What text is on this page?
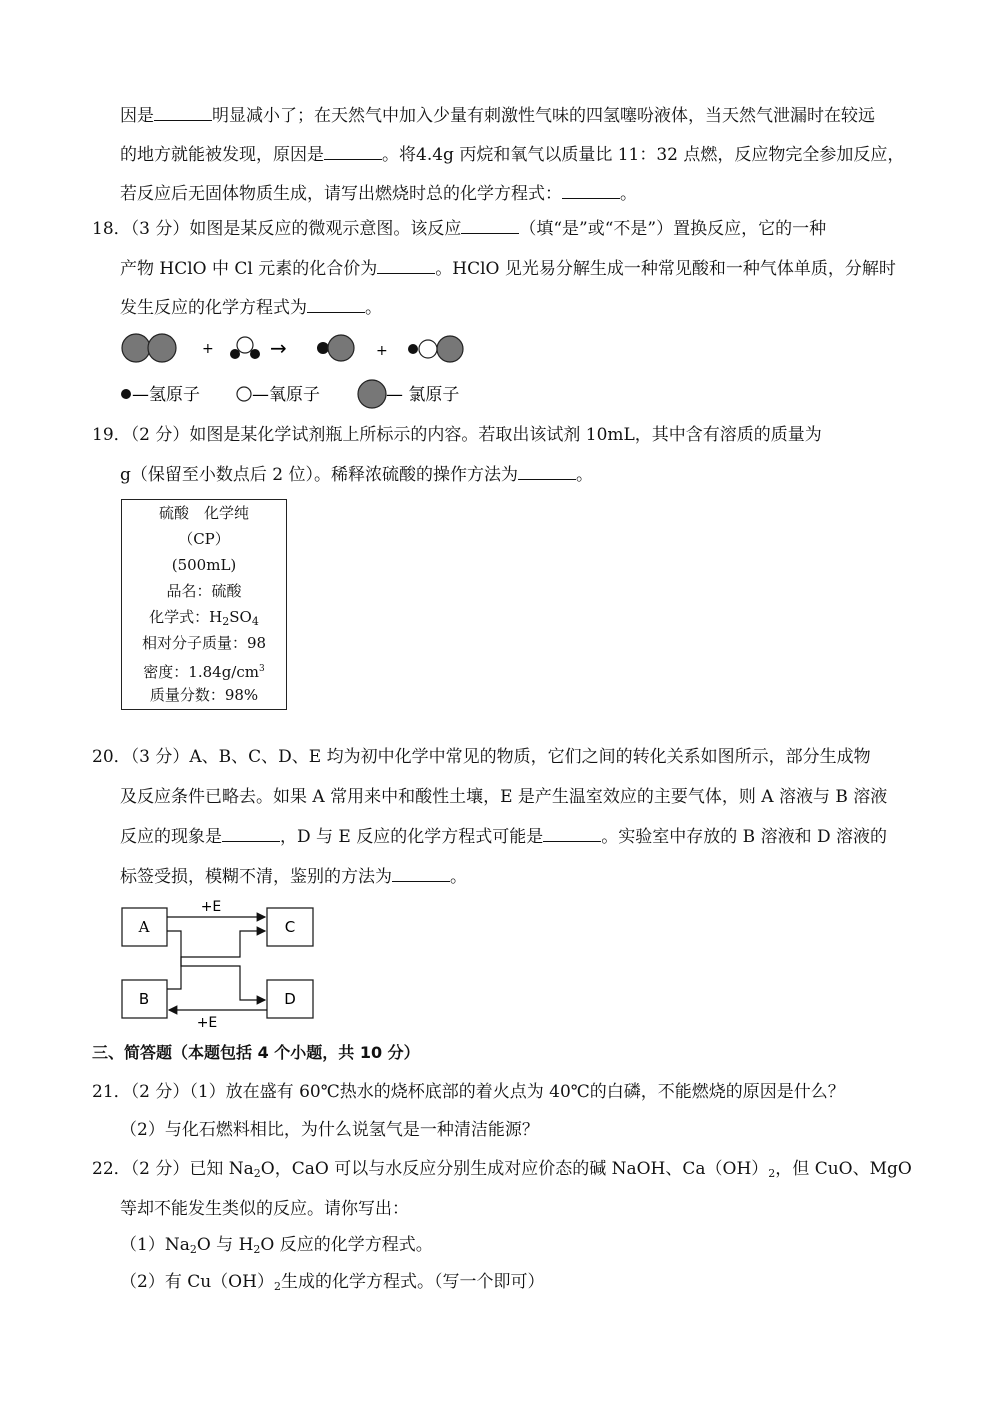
因是	明显减小了；在天然气中加入少量有刺激性气味的四氢噻吩液体，当天然气泄漏时在较远
的地方就能被发现，原因是	。将4.4g 丙烷和氧气以质量比 11：32 点燃，反应物完全参加反应，
若反应后无固体物质生成，请写出燃烧时总的化学方程式：	。
18．（3 分）如图是某反应的微观示意图。该反应	（填“是”或“不是”）置换反应，它的一种
产物 HClO 中 Cl 元素的化合价为	。HClO 见光易分解生成一种常见酸和一种气体单质，分解时
发生反应的化学方程式为	。
+	→	+
—氢原子	—氧原子	— 氯原子
19．（2 分）如图是某化学试剂瓶上所标示的内容。若取出该试剂 10mL，其中含有溶质的质量为
g（保留至小数点后 2 位）。稀释浓硫酸的操作方法为	。
硫酸　化学纯
（CP）
(500mL)
品名：硫酸
化学式：$H_2SO_4$
相对分子质量：98
密度：$1.84g/cm^3$
质量分数：98%
20．（3 分）A、B、C、D、E 均为初中化学中常见的物质，它们之间的转化关系如图所示，部分生成物
及反应条件已略去。如果 A 常用来中和酸性土壤，E 是产生温室效应的主要气体，则 A 溶液与 B 溶液
反应的现象是	，D 与 E 反应的化学方程式可能是	。实验室中存放的 B 溶液和 D 溶液的
标签受损，模糊不清，鉴别的方法为	。
A	C
B	D
+E
+E
三、简答题（本题包括 4 个小题，共 10 分）
21．（2 分）（1）放在盛有 60℃热水的烧杯底部的着火点为 40℃的白磷，不能燃烧的原因是什么？
（2）与化石燃料相比，为什么说氢气是一种清洁能源？
22．（2 分）已知 $Na_2O$，CaO 可以与水反应分别生成对应价态的碱 NaOH、$Ca(OH)_2$，但 CuO、MgO
等却不能发生类似的反应。请你写出：
$(1)Na_2O$ 与 $H_2O$ 反应的化学方程式。
（2）有 $Cu(OH)_2$生成的化学方程式。（写一个即可）
